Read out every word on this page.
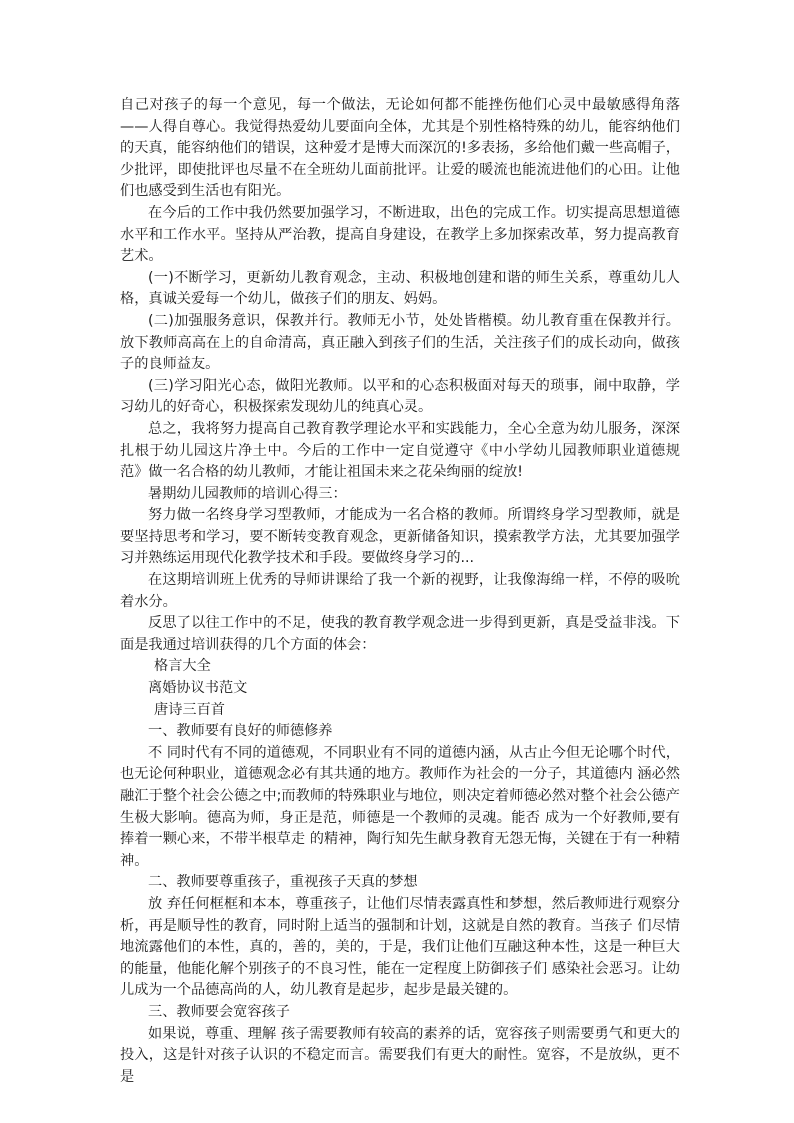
自己对孩子的每一个意见，每一个做法，无论如何都不能挫伤他们心灵中最敏感得角落——人得自尊心。我觉得热爱幼儿要面向全体，尤其是个别性格特殊的幼儿，能容纳他们的天真，能容纳他们的错误，这种爱才是博大而深沉的!多表扬，多给他们戴一些高帽子，少批评，即使批评也尽量不在全班幼儿面前批评。让爱的暖流也能流进他们的心田。让他们也感受到生活也有阳光。

在今后的工作中我仍然要加强学习，不断进取，出色的完成工作。切实提高思想道德水平和工作水平。坚持从严治教，提高自身建设，在教学上多加探索改革，努力提高教育艺术。

(一)不断学习，更新幼儿教育观念，主动、积极地创建和谐的师生关系，尊重幼儿人格，真诚关爱每一个幼儿，做孩子们的朋友、妈妈。

(二)加强服务意识，保教并行。教师无小节，处处皆楷模。幼儿教育重在保教并行。放下教师高高在上的自命清高，真正融入到孩子们的生活，关注孩子们的成长动向，做孩子的良师益友。

(三)学习阳光心态，做阳光教师。以平和的心态积极面对每天的琐事，闹中取静，学习幼儿的好奇心，积极探索发现幼儿的纯真心灵。

总之，我将努力提高自己教育教学理论水平和实践能力，全心全意为幼儿服务，深深扎根于幼儿园这片净土中。今后的工作中一定自觉遵守《中小学幼儿园教师职业道德规范》做一名合格的幼儿教师，才能让祖国未来之花朵绚丽的绽放!

暑期幼儿园教师的培训心得三：

努力做一名终身学习型教师，才能成为一名合格的教师。所谓终身学习型教师，就是要坚持思考和学习，要不断转变教育观念，更新储备知识，摸索教学方法，尤其要加强学习并熟练运用现代化教学技术和手段。要做终身学习的...

在这期培训班上优秀的导师讲课给了我一个新的视野，让我像海绵一样，不停的吸吮着水分。

反思了以往工作中的不足，使我的教育教学观念进一步得到更新，真是受益非浅。下面是我通过培训获得的几个方面的体会：

格言大全

离婚协议书范文

唐诗三百首

一、教师要有良好的师德修养

不 同时代有不同的道德观，不同职业有不同的道德内涵，从古止今但无论哪个时代，也无论何种职业，道德观念必有其共通的地方。教师作为社会的一分子，其道德内 涵必然融汇于整个社会公德之中;而教师的特殊职业与地位，则决定着师德必然对整个社会公德产生极大影响。德高为师，身正是范，师德是一个教师的灵魂。能否 成为一个好教师,要有捧着一颗心来，不带半根草走 的精神，陶行知先生献身教育无怨无悔，关键在于有一种精神。

二、教师要尊重孩子，重视孩子天真的梦想

放 弃任何框框和本本，尊重孩子，让他们尽情表露真性和梦想，然后教师进行观察分析，再是顺导性的教育，同时附上适当的强制和计划，这就是自然的教育。当孩子 们尽情地流露他们的本性，真的，善的，美的，于是，我们让他们互融这种本性，这是一种巨大的能量，他能化解个别孩子的不良习性，能在一定程度上防御孩子们 感染社会恶习。让幼儿成为一个品德高尚的人，幼儿教育是起步，起步是最关键的。

三、教师要会宽容孩子

如果说，尊重、理解 孩子需要教师有较高的素养的话，宽容孩子则需要勇气和更大的投入，这是针对孩子认识的不稳定而言。需要我们有更大的耐性。宽容，不是放纵，更不是
